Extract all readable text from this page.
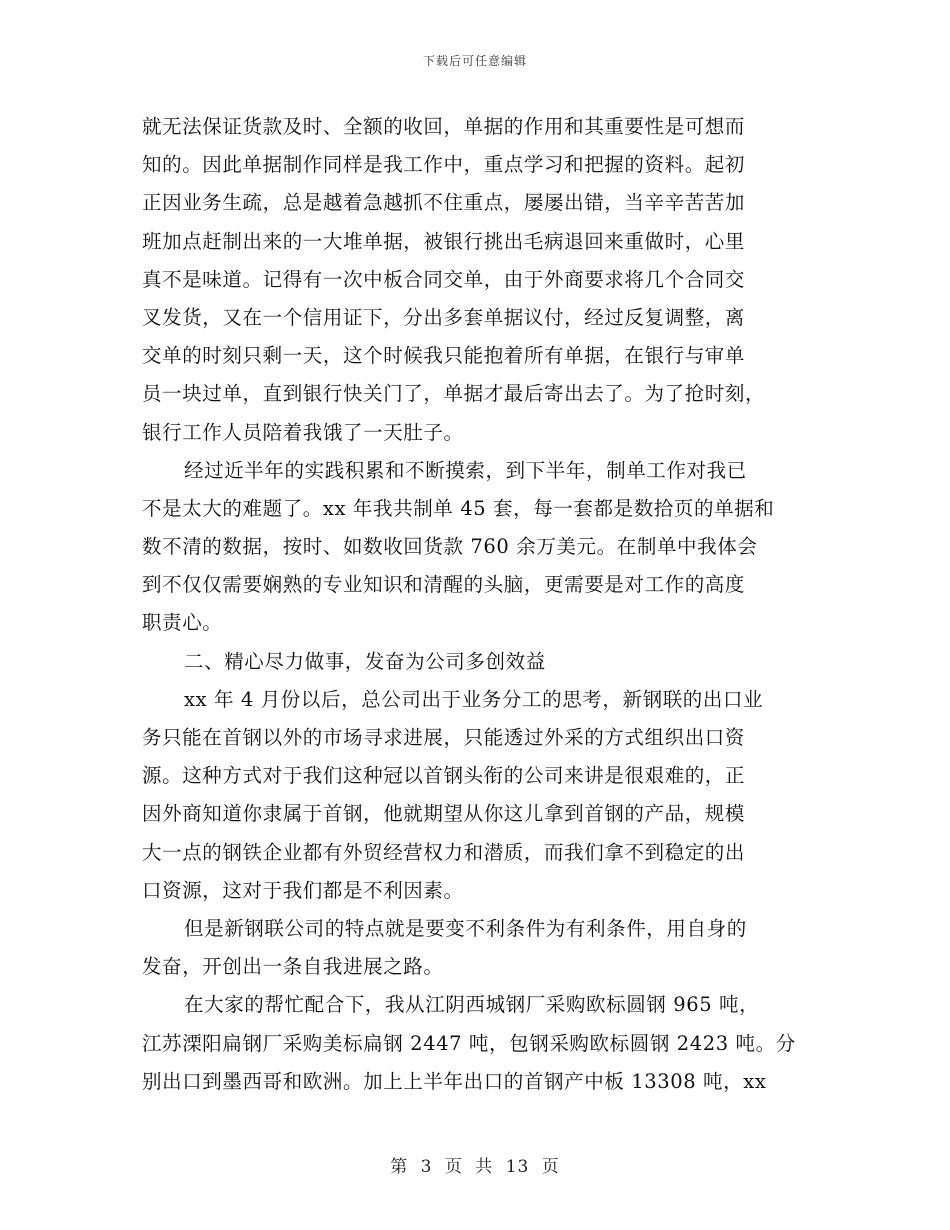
下载后可任意编辑
就无法保证货款及时、全额的收回，单据的作用和其重要性是可想而
知的。因此单据制作同样是我工作中，重点学习和把握的资料。起初
正因业务生疏，总是越着急越抓不住重点，屡屡出错，当辛辛苦苦加
班加点赶制出来的一大堆单据，被银行挑出毛病退回来重做时，心里
真不是味道。记得有一次中板合同交单，由于外商要求将几个合同交
叉发货，又在一个信用证下，分出多套单据议付，经过反复调整，离
交单的时刻只剩一天，这个时候我只能抱着所有单据，在银行与审单
员一块过单，直到银行快关门了，单据才最后寄出去了。为了抢时刻，
银行工作人员陪着我饿了一天肚子。
经过近半年的实践积累和不断摸索，到下半年，制单工作对我已
不是太大的难题了。xx 年我共制单 45 套，每一套都是数拾页的单据和
数不清的数据，按时、如数收回货款 760 余万美元。在制单中我体会
到不仅仅需要娴熟的专业知识和清醒的头脑，更需要是对工作的高度
职责心。
二、精心尽力做事，发奋为公司多创效益
xx 年 4 月份以后，总公司出于业务分工的思考，新钢联的出口业
务只能在首钢以外的市场寻求进展，只能透过外采的方式组织出口资
源。这种方式对于我们这种冠以首钢头衔的公司来讲是很艰难的，正
因外商知道你隶属于首钢，他就期望从你这儿拿到首钢的产品，规模
大一点的钢铁企业都有外贸经营权力和潜质，而我们拿不到稳定的出
口资源，这对于我们都是不利因素。
但是新钢联公司的特点就是要变不利条件为有利条件，用自身的
发奋，开创出一条自我进展之路。
在大家的帮忙配合下，我从江阴西城钢厂采购欧标圆钢 965 吨，
江苏溧阳扁钢厂采购美标扁钢 2447 吨，包钢采购欧标圆钢 2423 吨。分
别出口到墨西哥和欧洲。加上上半年出口的首钢产中板 13308 吨，xx
第 3 页 共 13 页
